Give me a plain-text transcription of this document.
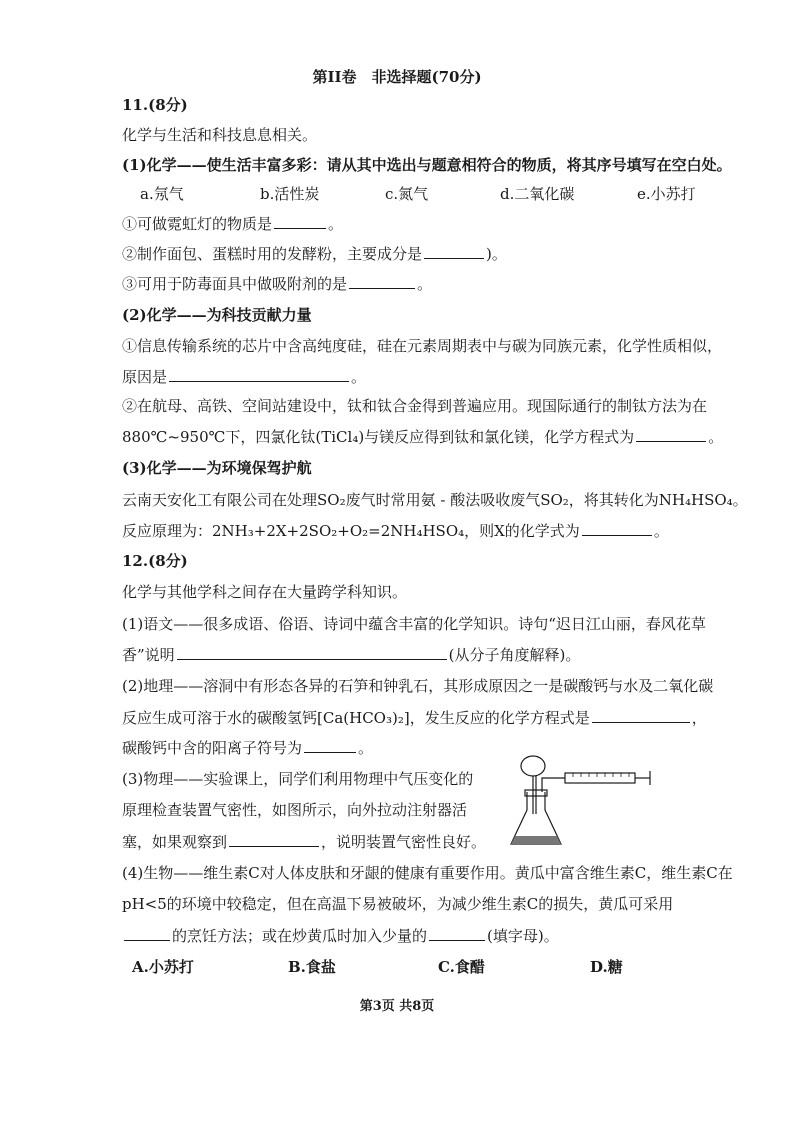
第II卷　非选择题(70分)
11.(8分)
化学与生活和科技息息相关。
(1)化学——使生活丰富多彩：请从其中选出与题意相符合的物质，将其序号填写在空白处。
a.氖气	b.活性炭	c.氮气	d.二氧化碳	e.小苏打
①可做霓虹灯的物质是	。
②制作面包、蛋糕时用的发酵粉，主要成分是	)。
③可用于防毒面具中做吸附剂的是	。
(2)化学——为科技贡献力量
①信息传输系统的芯片中含高纯度硅，硅在元素周期表中与碳为同族元素，化学性质相似，
原因是	。
②在航母、高铁、空间站建设中，钛和钛合金得到普遍应用。现国际通行的制钛方法为在
880℃~950℃下，四氯化钛(TiCl₄)与镁反应得到钛和氯化镁，化学方程式为	。
(3)化学——为环境保驾护航
云南天安化工有限公司在处理SO₂废气时常用氨 - 酸法吸收废气SO₂，将其转化为NH₄HSO₄。
反应原理为：2NH₃+2X+2SO₂+O₂=2NH₄HSO₄，则X的化学式为	。
12.(8分)
化学与其他学科之间存在大量跨学科知识。
(1)语文——很多成语、俗语、诗词中蕴含丰富的化学知识。诗句“迟日江山丽，春风花草
香”说明	(从分子角度解释)。
(2)地理——溶洞中有形态各异的石笋和钟乳石，其形成原因之一是碳酸钙与水及二氧化碳
反应生成可溶于水的碳酸氢钙[Ca(HCO₃)₂]，发生反应的化学方程式是	，
碳酸钙中含的阳离子符号为	。
(3)物理——实验课上，同学们利用物理中气压变化的
原理检查装置气密性，如图所示，向外拉动注射器活
塞，如果观察到	，说明装置气密性良好。
(4)生物——维生素C对人体皮肤和牙龈的健康有重要作用。黄瓜中富含维生素C，维生素C在
pH<5的环境中较稳定，但在高温下易被破坏，为减少维生素C的损失，黄瓜可采用
的烹饪方法；或在炒黄瓜时加入少量的	(填字母)。
A.小苏打	B.食盐	C.食醋	D.糖
第3页 共8页
